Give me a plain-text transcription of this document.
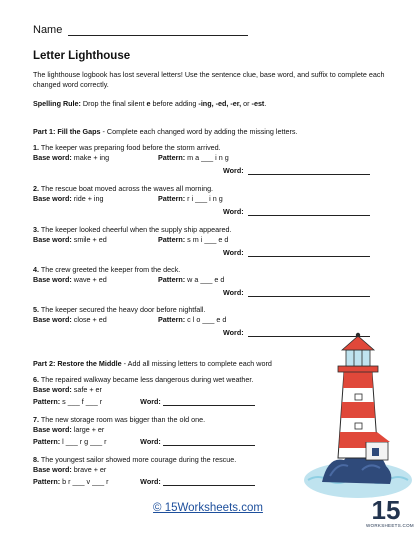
Name
Letter Lighthouse
The lighthouse logbook has lost several letters! Use the sentence clue, base word, and suffix to complete each changed word correctly.
Spelling Rule: Drop the final silent e before adding -ing, -ed, -er, or -est.
Part 1: Fill the Gaps - Complete each changed word by adding the missing letters.
1. The keeper was preparing food before the storm arrived.
Base word: make + ing	Pattern: m a ___ i n g
Word:
2. The rescue boat moved across the waves all morning.
Base word: ride + ing	Pattern: r i ___ i n g
Word:
3. The keeper looked cheerful when the supply ship appeared.
Base word: smile + ed	Pattern: s m i ___ e d
Word:
4. The crew greeted the keeper from the deck.
Base word: wave + ed	Pattern: w a ___ e d
Word:
5. The keeper secured the heavy door before nightfall.
Base word: close + ed	Pattern: c l o ___ e d
Word:
Part 2: Restore the Middle - Add all missing letters to complete each word
6. The repaired walkway became less dangerous during wet weather.
Base word: safe + er
Pattern:
s ___ f ___ r	Word:

7. The new storage room was bigger than the old one.
Base word: large + er
Pattern:
l ___ r g ___ r	Word:

8. The youngest sailor showed more courage during the rescue.
Base word: brave + er
Pattern:
b r ___ v ___ r	Word:

© 15Worksheets.com	15
WORKSHEETS.COM
